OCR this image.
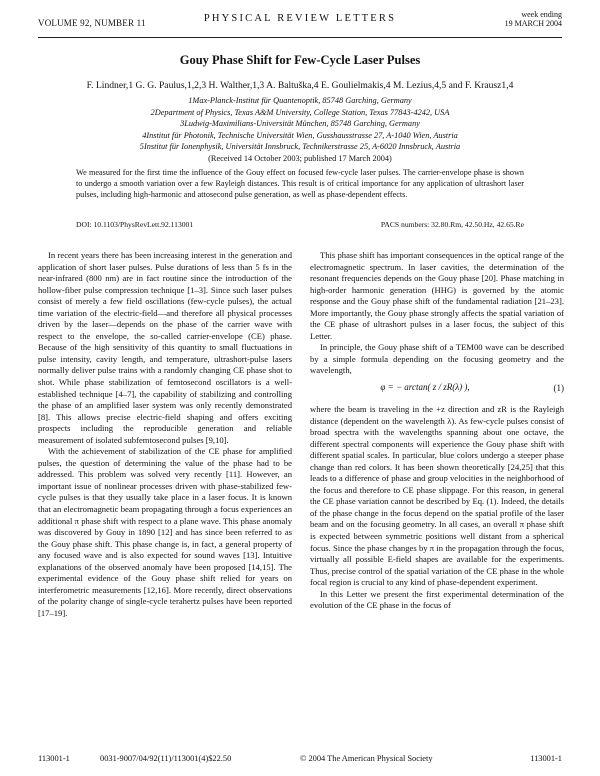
VOLUME 92, NUMBER 11	PHYSICAL REVIEW LETTERS	week ending
19 MARCH 2004
Gouy Phase Shift for Few-Cycle Laser Pulses
F. Lindner,1 G. G. Paulus,1,2,3 H. Walther,1,3 A. Baltuška,4 E. Goulielmakis,4 M. Lezius,4,5 and F. Krausz1,4
1Max-Planck-Institut für Quantenoptik, 85748 Garching, Germany
2Department of Physics, Texas A&M University, College Station, Texas 77843-4242, USA
3Ludwig-Maximilians-Universität München, 85748 Garching, Germany
4Institut für Photonik, Technische Universität Wien, Gusshausstrasse 27, A-1040 Wien, Austria
5Institut für Ionenphysik, Universität Innsbruck, Technikerstrasse 25, A-6020 Innsbruck, Austria
(Received 14 October 2003; published 17 March 2004)
We measured for the first time the influence of the Gouy effect on focused few-cycle laser pulses. The carrier-envelope phase is shown to undergo a smooth variation over a few Rayleigh distances. This result is of critical importance for any application of ultrashort laser pulses, including high-harmonic and attosecond pulse generation, as well as phase-dependent effects.
DOI: 10.1103/PhysRevLett.92.113001	PACS numbers: 32.80.Rm, 42.50.Hz, 42.65.Re

In recent years there has been increasing interest in the generation and application of short laser pulses. Pulse durations of less than 5 fs in the near-infrared (800 nm) are in fact routine since the introduction of the hollow-fiber pulse compression technique [1–3]. Since such laser pulses consist of merely a few field oscillations (few-cycle pulses), the actual time variation of the electric-field—and therefore all physical processes driven by the laser—depends on the phase of the carrier wave with respect to the envelope, the so-called carrier-envelope (CE) phase. Because of the high sensitivity of this quantity to small fluctuations in pulse intensity, cavity length, and temperature, ultrashort-pulse lasers normally deliver pulse trains with a randomly changing CE phase shot to shot. While phase stabilization of femtosecond oscillators is a well-established technique [4–7], the capability of stabilizing and controlling the phase of an amplified laser system was only recently demonstrated [8]. This allows precise electric-field shaping and offers exciting prospects including the reproducible generation and reliable measurement of isolated subfemtosecond pulses [9,10].

With the achievement of stabilization of the CE phase for amplified pulses, the question of determining the value of the phase had to be addressed. This problem was solved very recently [11]. However, an important issue of nonlinear processes driven with phase-stabilized few-cycle pulses is that they usually take place in a laser focus. It is known that an electromagnetic beam propagating through a focus experiences an additional π phase shift with respect to a plane wave. This phase anomaly was discovered by Gouy in 1890 [12] and has since been referred to as the Gouy phase shift. This phase change is, in fact, a general property of any focused wave and is also expected for sound waves [13]. Intuitive explanations of the observed anomaly have been proposed [14,15]. The experimental evidence of the Gouy phase shift relied for years on interferometric measurements [12,16]. More recently, direct observations of the polarity change of single-cycle terahertz pulses have been reported [17–19].

This phase shift has important consequences in the optical range of the electromagnetic spectrum. In laser cavities, the determination of the resonant frequencies depends on the Gouy phase [20]. Phase matching in high-order harmonic generation (HHG) is governed by the atomic response and the Gouy phase shift of the fundamental radiation [21–23]. More importantly, the Gouy phase strongly affects the spatial variation of the CE phase of ultrashort pulses in a laser focus, the subject of this Letter.

In principle, the Gouy phase shift of a TEM00 wave can be described by a simple formula depending on the focusing geometry and the wavelength,

φ = − arctan( z / zR(λ) ),	(1)

where the beam is traveling in the +z direction and zR is the Rayleigh distance (dependent on the wavelength λ). As few-cycle pulses consist of broad spectra with the wavelengths spanning about one octave, the different spectral components will experience the Gouy phase shift with different spatial scales. In particular, blue colors undergo a steeper phase change than red colors. It has been shown theoretically [24,25] that this leads to a difference of phase and group velocities in the neighborhood of the focus and therefore to CE phase slippage. For this reason, in general the CE phase variation cannot be described by Eq. (1). Indeed, the details of the phase change in the focus depend on the spatial profile of the laser beam and on the focusing geometry. In all cases, an overall π phase shift is expected between symmetric positions well distant from a spherical focus. Since the phase changes by π in the propagation through the focus, virtually all possible E-field shapes are available for the experiments. Thus, precise control of the spatial variation of the CE phase in the whole focal region is crucial to any kind of phase-dependent experiment.

In this Letter we present the first experimental determination of the evolution of the CE phase in the focus of

113001-1	0031-9007/04/92(11)/113001(4)$22.50	© 2004 The American Physical Society	113001-1
